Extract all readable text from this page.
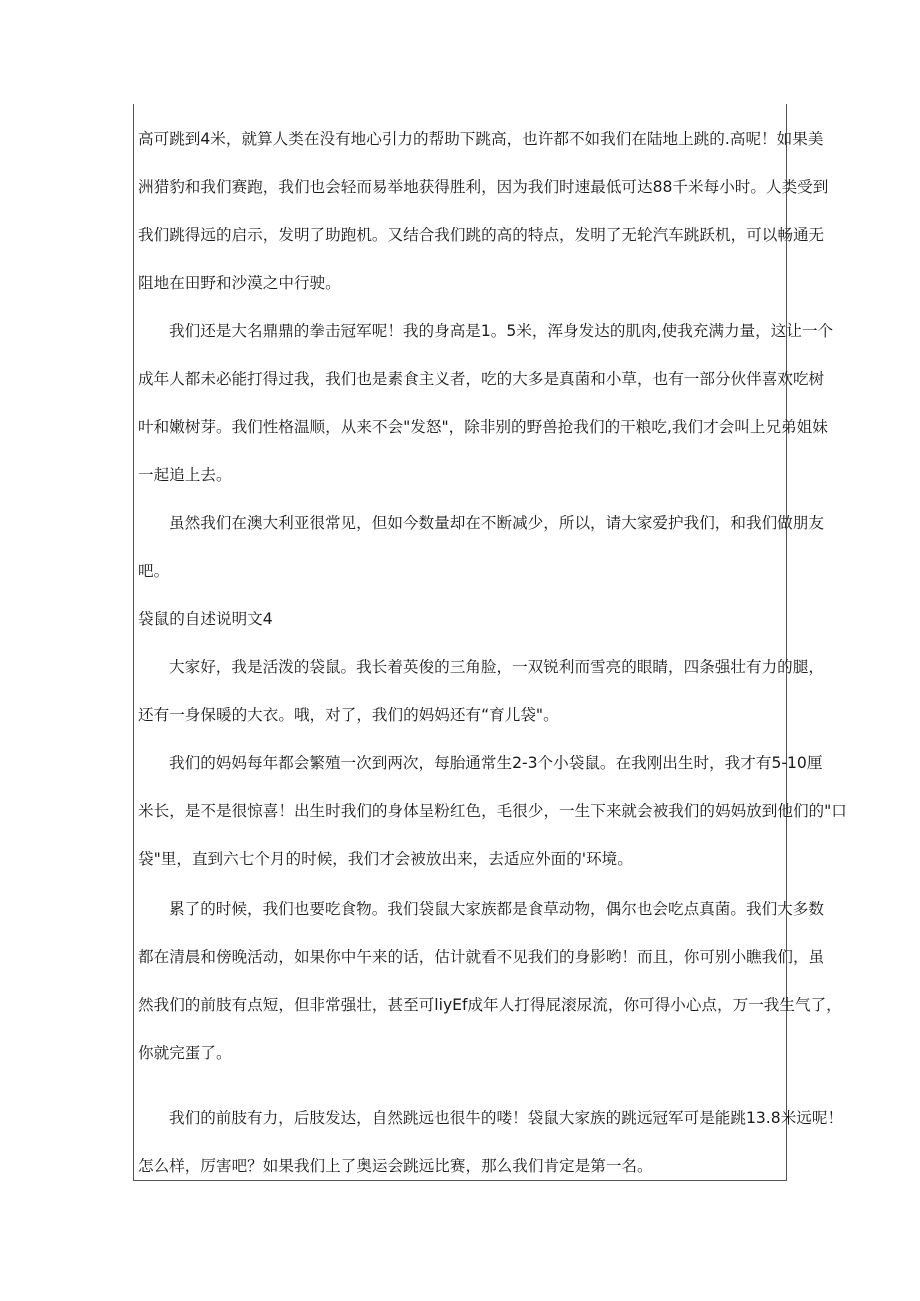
高可跳到4米，就算人类在没有地心引力的帮助下跳高，也许都不如我们在陆地上跳的.高呢！如果美

洲猎豹和我们赛跑，我们也会轻而易举地获得胜利，因为我们时速最低可达88千米每小时。人类受到

我们跳得远的启示，发明了助跑机。又结合我们跳的高的特点，发明了无轮汽车跳跃机，可以畅通无

阻地在田野和沙漠之中行驶。

我们还是大名鼎鼎的拳击冠军呢！我的身高是1。5米，浑身发达的肌肉,使我充满力量，这让一个

成年人都未必能打得过我，我们也是素食主义者，吃的大多是真菌和小草，也有一部分伙伴喜欢吃树

叶和嫩树芽。我们性格温顺，从来不会"发怒"，除非别的野兽抢我们的干粮吃,我们才会叫上兄弟姐妹

一起追上去。

虽然我们在澳大利亚很常见，但如今数量却在不断减少，所以，请大家爱护我们，和我们做朋友

吧。

袋鼠的自述说明文4

大家好，我是活泼的袋鼠。我长着英俊的三角脸，一双锐利而雪亮的眼睛，四条强壮有力的腿，

还有一身保暖的大衣。哦，对了，我们的妈妈还有“育儿袋"。

我们的妈妈每年都会繁殖一次到两次，每胎通常生2-3个小袋鼠。在我刚出生时，我才有5-10厘

米长，是不是很惊喜！出生时我们的身体呈粉红色，毛很少，一生下来就会被我们的妈妈放到他们的"口

袋"里，直到六七个月的时候，我们才会被放出来，去适应外面的'环境。

累了的时候，我们也要吃食物。我们袋鼠大家族都是食草动物，偶尔也会吃点真菌。我们大多数

都在清晨和傍晚活动，如果你中午来的话，估计就看不见我们的身影哟！而且，你可别小瞧我们，虽

然我们的前肢有点短，但非常强壮，甚至可liyEf成年人打得屁滚尿流，你可得小心点，万一我生气了，

你就完蛋了。

我们的前肢有力，后肢发达，自然跳远也很牛的喽！袋鼠大家族的跳远冠军可是能跳13.8米远呢！

怎么样，厉害吧？如果我们上了奥运会跳远比赛，那么我们肯定是第一名。
